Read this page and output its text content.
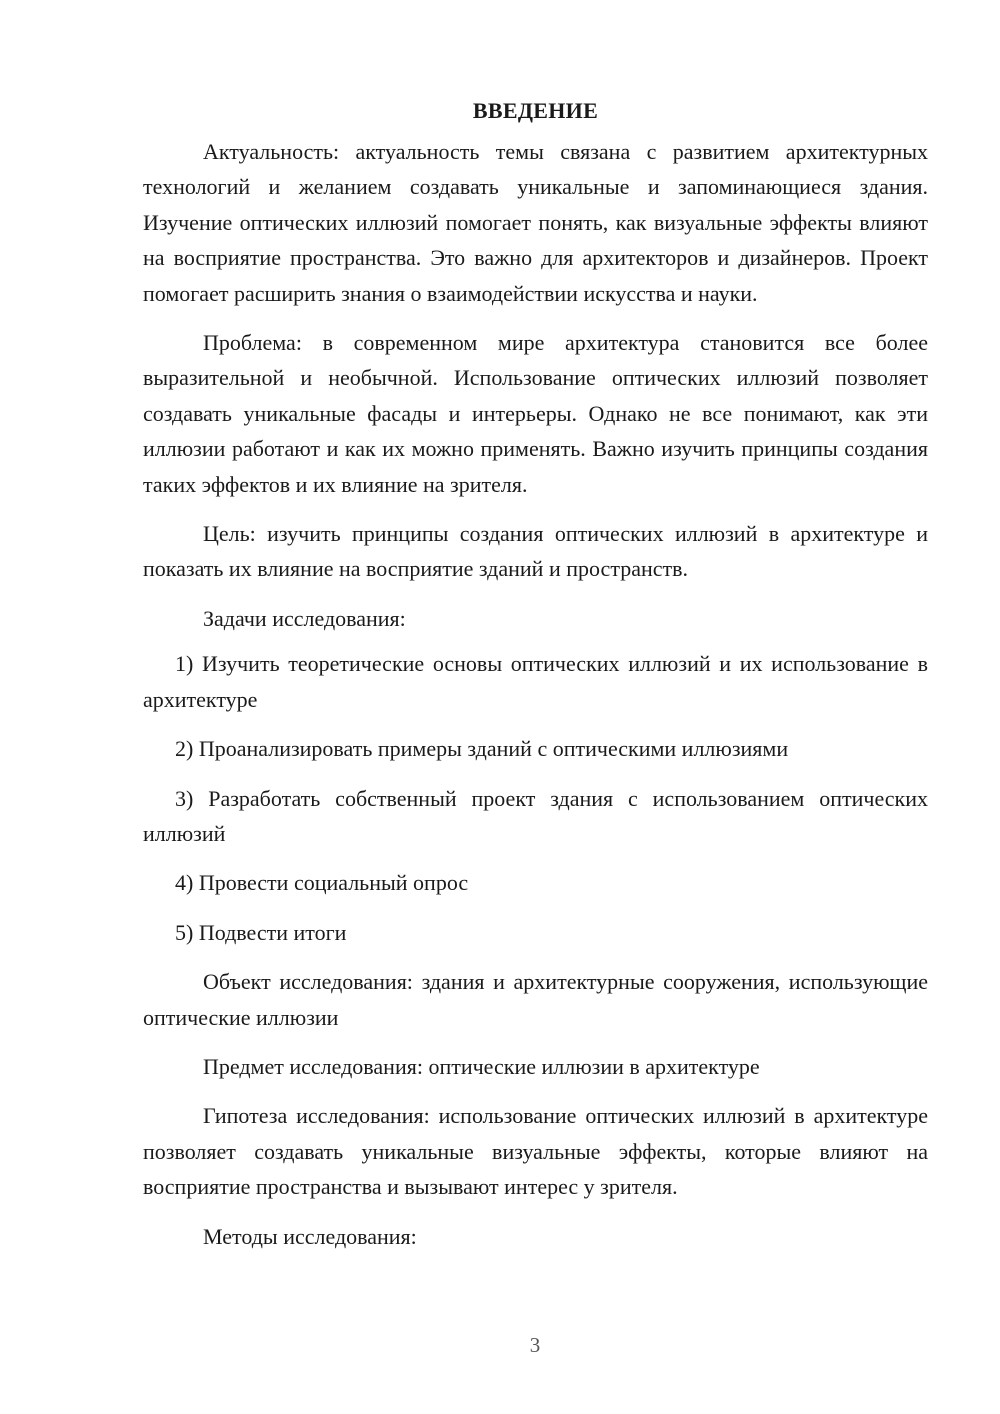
ВВЕДЕНИЕ

Актуальность: актуальность темы связана с развитием архитектурных технологий и желанием создавать уникальные и запоминающиеся здания. Изучение оптических иллюзий помогает понять, как визуальные эффекты влияют на восприятие пространства. Это важно для архитекторов и дизайнеров. Проект помогает расширить знания о взаимодействии искусства и науки.

Проблема: в современном мире архитектура становится все более выразительной и необычной. Использование оптических иллюзий позволяет создавать уникальные фасады и интерьеры. Однако не все понимают, как эти иллюзии работают и как их можно применять. Важно изучить принципы создания таких эффектов и их влияние на зрителя.

Цель: изучить принципы создания оптических иллюзий в архитектуре и показать их влияние на восприятие зданий и пространств.

Задачи исследования:

1) Изучить теоретические основы оптических иллюзий и их использование в архитектуре

2) Проанализировать примеры зданий с оптическими иллюзиями

3) Разработать собственный проект здания с использованием оптических иллюзий

4) Провести социальный опрос

5) Подвести итоги

Объект исследования: здания и архитектурные сооружения, использующие оптические иллюзии

Предмет исследования: оптические иллюзии в архитектуре

Гипотеза исследования: использование оптических иллюзий в архитектуре позволяет создавать уникальные визуальные эффекты, которые влияют на восприятие пространства и вызывают интерес у зрителя.

Методы исследования:

3
